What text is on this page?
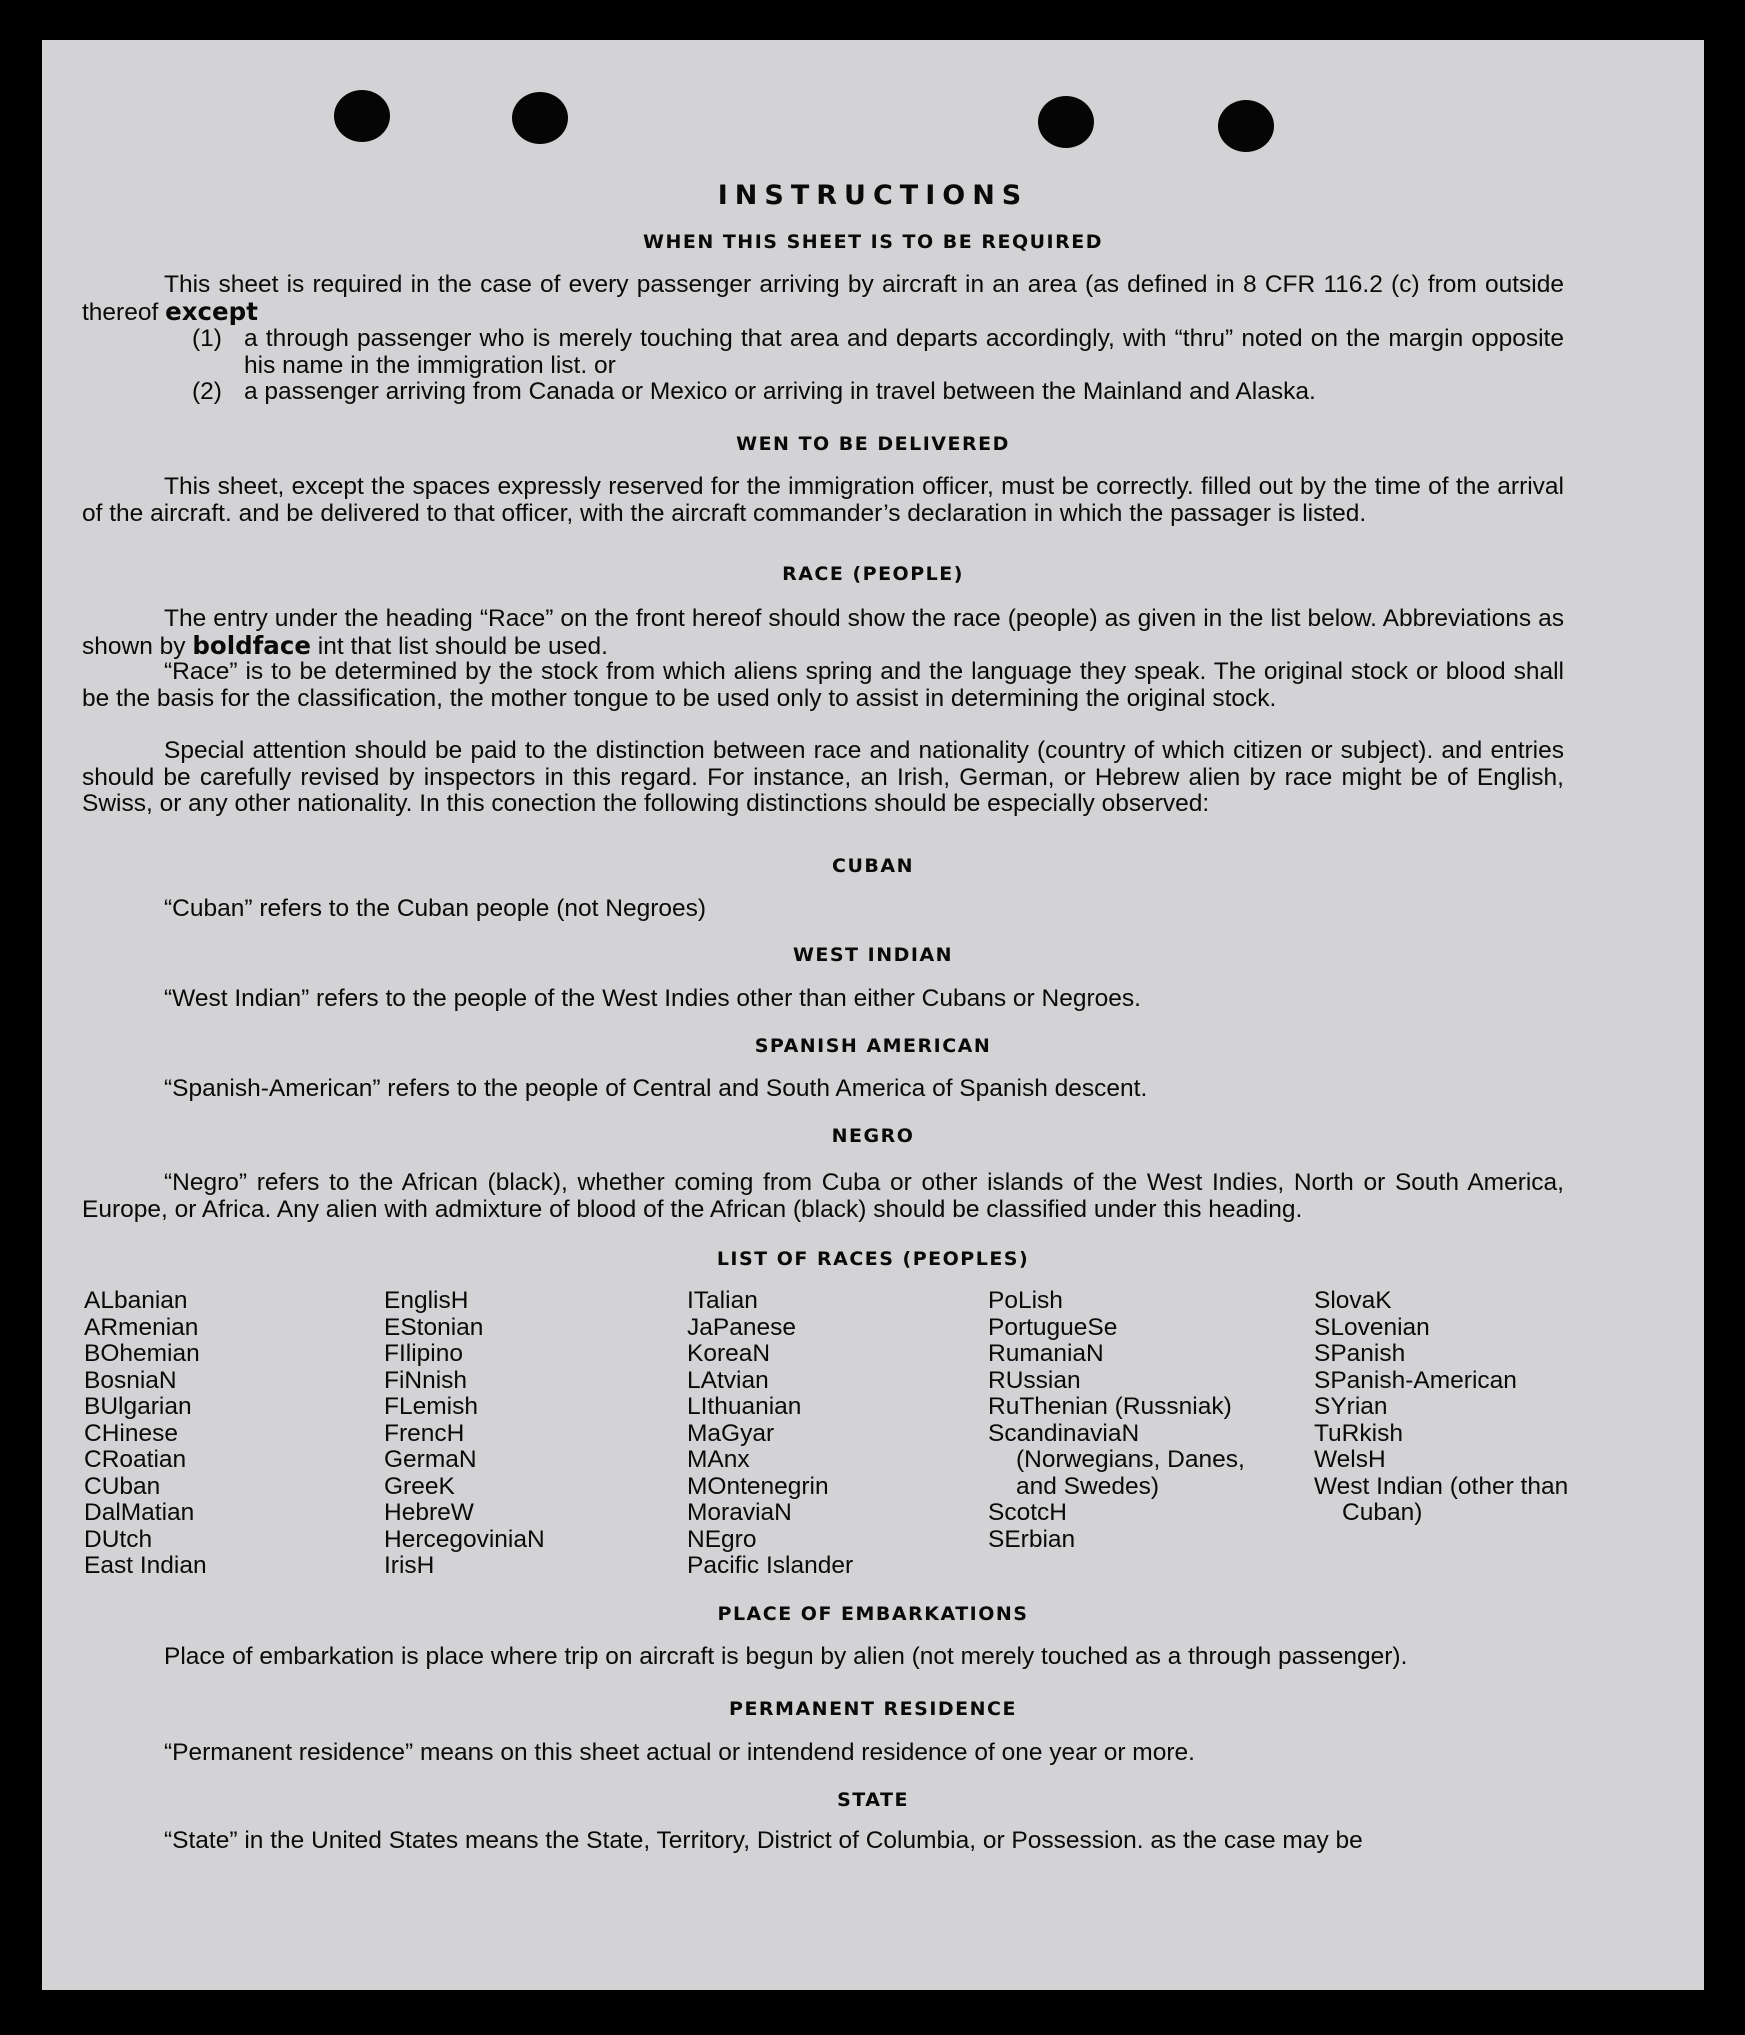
INSTRUCTIONS
WHEN THIS SHEET IS TO BE REQUIRED
This sheet is required in the case of every passenger arriving by aircraft in an area (as defined in 8 CFR 116.2 (c) from outside thereof except
(1) a through passenger who is merely touching that area and departs accordingly, with “thru” noted on the margin opposite his name in the immigration list. or
(2) a passenger arriving from Canada or Mexico or arriving in travel between the Mainland and Alaska.
WEN TO BE DELIVERED
This sheet, except the spaces expressly reserved for the immigration officer, must be correctly. filled out by the time of the arrival of the aircraft. and be delivered to that officer, with the aircraft commander’s declaration in which the passager is listed.
RACE (PEOPLE)
The entry under the heading “Race” on the front hereof should show the race (people) as given in the list below. Abbreviations as shown by boldface int that list should be used.
“Race” is to be determined by the stock from which aliens spring and the language they speak. The original stock or blood shall be the basis for the classification, the mother tongue to be used only to assist in determining the original stock.
Special attention should be paid to the distinction between race and nationality (country of which citizen or subject). and entries should be carefully revised by inspectors in this regard. For instance, an Irish, German, or Hebrew alien by race might be of English, Swiss, or any other nationality. In this conection the following distinctions should be especially observed:
CUBAN
“Cuban” refers to the Cuban people (not Negroes)
WEST INDIAN
“West Indian” refers to the people of the West Indies other than either Cubans or Negroes.
SPANISH AMERICAN
“Spanish-American” refers to the people of Central and South America of Spanish descent.
NEGRO
“Negro” refers to the African (black), whether coming from Cuba or other islands of the West Indies, North or South America, Europe, or Africa. Any alien with admixture of blood of the African (black) should be classified under this heading.
LIST OF RACES (PEOPLES)
ALbanian
ARmenian
BOhemian
BosniaN
BUlgarian
CHinese
CRoatian
CUban
DalMatian
DUtch
East Indian
EnglisH
EStonian
FIlipino
FiNnish
FLemish
FrencH
GermaN
GreeK
HebreW
HercegoviniaN
IrisH
ITalian
JaPanese
KoreaN
LAtvian
LIthuanian
MaGyar
MAnx
MOntenegrin
MoraviaN
NEgro
Pacific Islander
PoLish
PortugueSe
RumaniaN
RUssian
RuThenian (Russniak)
ScandinaviaN (Norwegians, Danes, and Swedes)
ScotcH
SErbian
SlovaK
SLovenian
SPanish
SPanish-American
SYrian
TuRkish
WelsH
West Indian (other than Cuban)
PLACE OF EMBARKATIONS
Place of embarkation is place where trip on aircraft is begun by alien (not merely touched as a through passenger).
PERMANENT RESIDENCE
“Permanent residence” means on this sheet actual or intendend residence of one year or more.
STATE
“State” in the United States means the State, Territory, District of Columbia, or Possession. as the case may be
